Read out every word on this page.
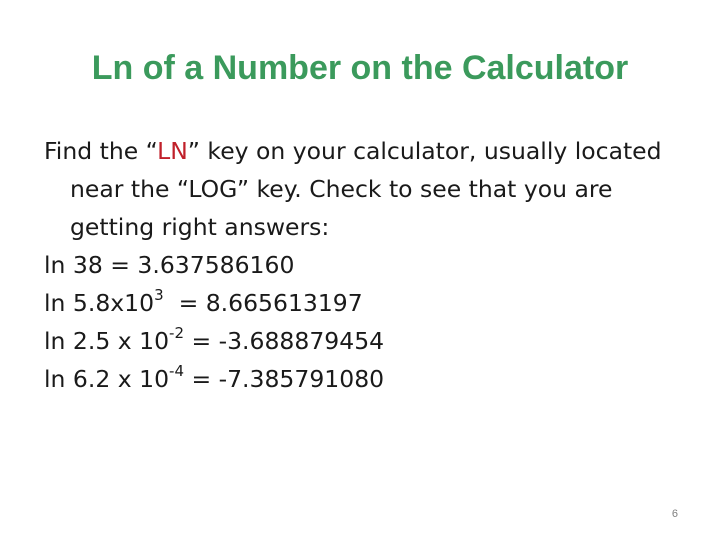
Ln of a Number on the Calculator

Find the “LN” key on your calculator, usually located near the “LOG” key. Check to see that you are getting right answers:

ln 38 = 3.637586160

$\ln 5.8x10^3 = 8.665613197$

ln 2.5 x $10^{-2} = -3.688879454$

ln 6.2 x $10^{-4} = -7.385791080$

6
